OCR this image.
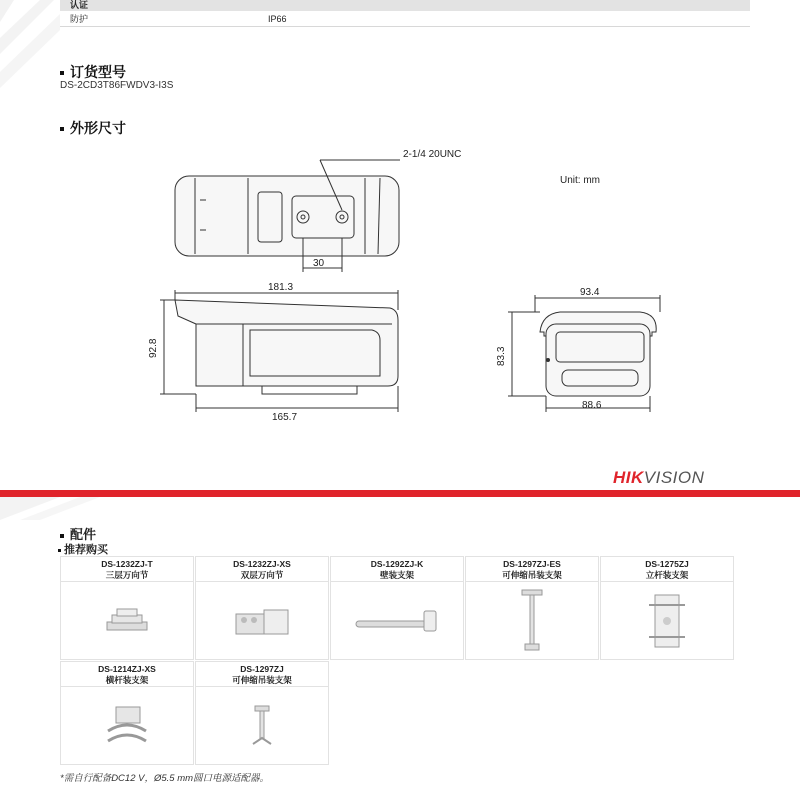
认证
防护	IP66
订货型号
DS-2CD3T86FWDV3-I3S
外形尺寸
2-1/4 20UNC
Unit: mm
30
181.3
165.7
92.8
93.4
83.3
88.6
HIKVISION
配件
推荐购买
DS-1232ZJ-T
三层万向节
DS-1232ZJ-XS
双层万向节
DS-1292ZJ-K
壁装支架
DS-1297ZJ-ES
可伸缩吊装支架
DS-1275ZJ
立杆装支架
DS-1214ZJ-XS
横杆装支架
DS-1297ZJ
可伸缩吊装支架
*需自行配备DC12 V，Ø5.5 mm圆口电源适配器。
